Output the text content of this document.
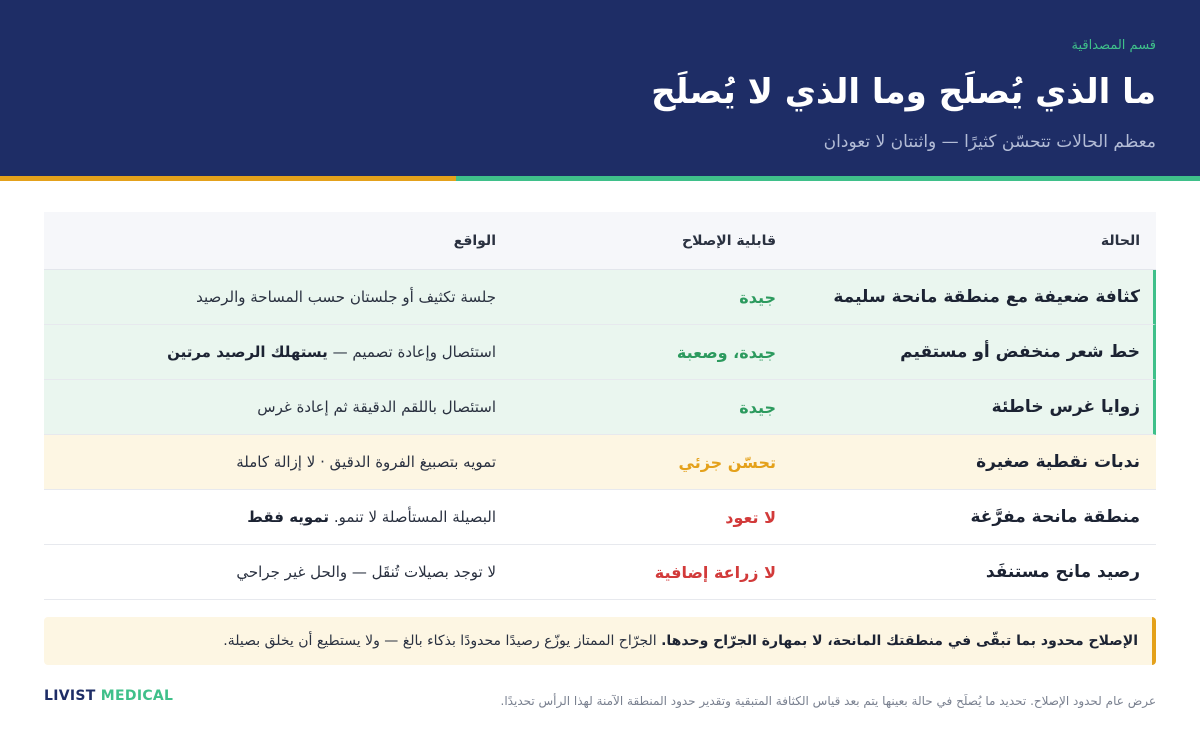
قسم المصداقية
ما الذي يُصلَح وما الذي لا يُصلَح
معظم الحالات تتحسّن كثيرًا — واثنتان لا تعودان
الحالة
قابلية الإصلاح
الواقع
كثافة ضعيفة مع منطقة مانحة سليمة
جيدة
جلسة تكثيف أو جلستان حسب المساحة والرصيد
خط شعر منخفض أو مستقيم
جيدة، وصعبة
استئصال وإعادة تصميم —

يستهلك الرصيد مرتين
زوايا غرس خاطئة
جيدة
استئصال باللقم الدقيقة ثم إعادة غرس
ندبات نقطية صغيرة
تحسّن جزئي
تمويه بتصبيغ الفروة الدقيق · لا إزالة كاملة
منطقة مانحة مفرَّغة
لا تعود
البصيلة المستأصلة لا تنمو.

تمويه فقط
رصيد مانح مستنفَد
لا زراعة إضافية
لا توجد بصيلات تُنقَل — والحل غير جراحي
الإصلاح محدود بما تبقّى في منطقتك المانحة، لا بمهارة الجرّاح وحدها. الجرّاح الممتاز يوزّع رصيدًا محدودًا بذكاء بالغ — ولا يستطيع أن يخلق بصيلة.
LIVIST MEDICAL	عرض عام لحدود الإصلاح. تحديد ما يُصلَح في حالة بعينها يتم بعد قياس الكثافة المتبقية وتقدير حدود المنطقة الآمنة لهذا الرأس تحديدًا.
